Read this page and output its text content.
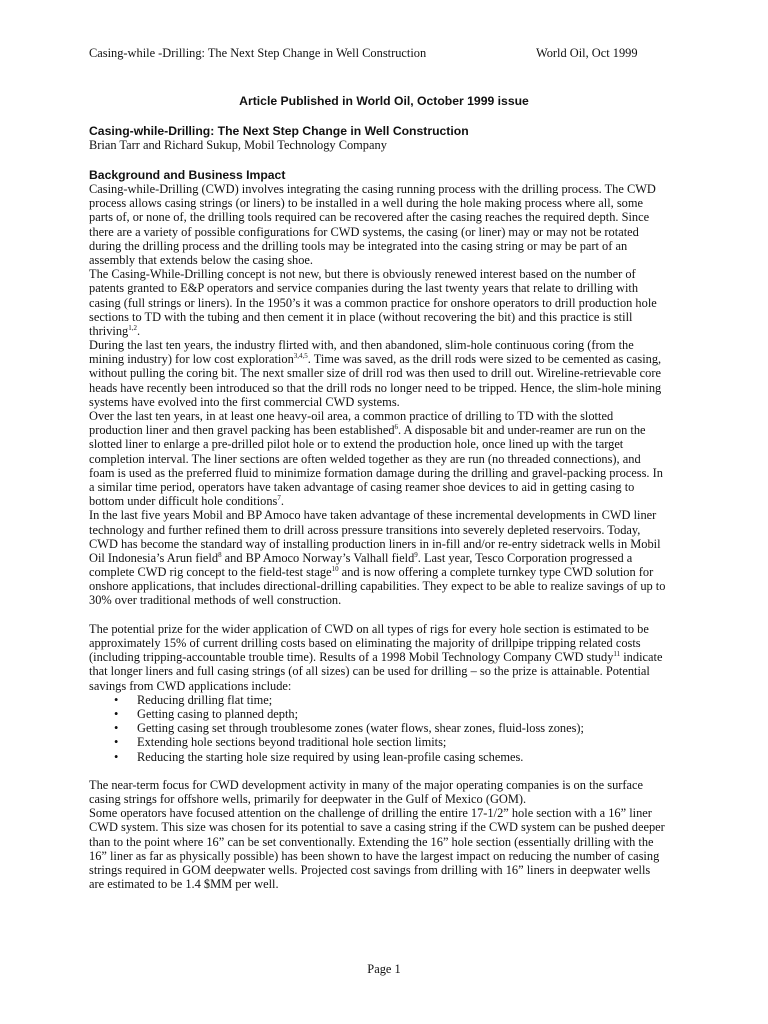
Casing-while -Drilling: The Next Step Change in Well Construction	World Oil, Oct 1999
Article Published in World Oil, October 1999 issue
Casing-while-Drilling: The Next Step Change in Well Construction
Brian Tarr and Richard Sukup, Mobil Technology Company
Background and Business Impact
Casing-while-Drilling (CWD) involves integrating the casing running process with the drilling process. The CWD
process allows casing strings (or liners) to be installed in a well during the hole making process where all, some
parts of, or none of, the drilling tools required can be recovered after the casing reaches the required depth. Since
there are a variety of possible configurations for CWD systems, the casing (or liner) may or may not be rotated
during the drilling process and the drilling tools may be integrated into the casing string or may be part of an
assembly that extends below the casing shoe.
The Casing-While-Drilling concept is not new, but there is obviously renewed interest based on the number of
patents granted to E&P operators and service companies during the last twenty years that relate to drilling with
casing (full strings or liners). In the 1950’s it was a common practice for onshore operators to drill production hole
sections to TD with the tubing and then cement it in place (without recovering the bit) and this practice is still
thriving$^{1,2}$.
During the last ten years, the industry flirted with, and then abandoned, slim-hole continuous coring (from the
mining industry) for low cost exploration$^{3,4,5}$. Time was saved, as the drill rods were sized to be cemented as casing,
without pulling the coring bit. The next smaller size of drill rod was then used to drill out. Wireline-retrievable core
heads have recently been introduced so that the drill rods no longer need to be tripped. Hence, the slim-hole mining
systems have evolved into the first commercial CWD systems.
Over the last ten years, in at least one heavy-oil area, a common practice of drilling to TD with the slotted
production liner and then gravel packing has been established$^6$. A disposable bit and under-reamer are run on the
slotted liner to enlarge a pre-drilled pilot hole or to extend the production hole, once lined up with the target
completion interval. The liner sections are often welded together as they are run (no threaded connections), and
foam is used as the preferred fluid to minimize formation damage during the drilling and gravel-packing process. In
a similar time period, operators have taken advantage of casing reamer shoe devices to aid in getting casing to
bottom under difficult hole conditions$^7$.
In the last five years Mobil and BP Amoco have taken advantage of these incremental developments in CWD liner
technology and further refined them to drill across pressure transitions into severely depleted reservoirs. Today,
CWD has become the standard way of installing production liners in in-fill and/or re-entry sidetrack wells in Mobil
Oil Indonesia’s Arun field$^8$ and BP Amoco Norway’s Valhall field$^9$. Last year, Tesco Corporation progressed a
complete CWD rig concept to the field-test stage$^{10}$ and is now offering a complete turnkey type CWD solution for
onshore applications, that includes directional-drilling capabilities. They expect to be able to realize savings of up to
30% over traditional methods of well construction.
The potential prize for the wider application of CWD on all types of rigs for every hole section is estimated to be
approximately 15% of current drilling costs based on eliminating the majority of drillpipe tripping related costs
(including tripping-accountable trouble time). Results of a 1998 Mobil Technology Company CWD study$^{11}$ indicate
that longer liners and full casing strings (of all sizes) can be used for drilling – so the prize is attainable. Potential
savings from CWD applications include:
• Reducing drilling flat time;
• Getting casing to planned depth;
• Getting casing set through troublesome zones (water flows, shear zones, fluid-loss zones);
• Extending hole sections beyond traditional hole section limits;
• Reducing the starting hole size required by using lean-profile casing schemes.
The near-term focus for CWD development activity in many of the major operating companies is on the surface
casing strings for offshore wells, primarily for deepwater in the Gulf of Mexico (GOM).
Some operators have focused attention on the challenge of drilling the entire 17-1/2” hole section with a 16” liner
CWD system. This size was chosen for its potential to save a casing string if the CWD system can be pushed deeper
than to the point where 16” can be set conventionally. Extending the 16” hole section (essentially drilling with the
16” liner as far as physically possible) has been shown to have the largest impact on reducing the number of casing
strings required in GOM deepwater wells. Projected cost savings from drilling with 16” liners in deepwater wells
are estimated to be 1.4 $MM per well.
Page 1
